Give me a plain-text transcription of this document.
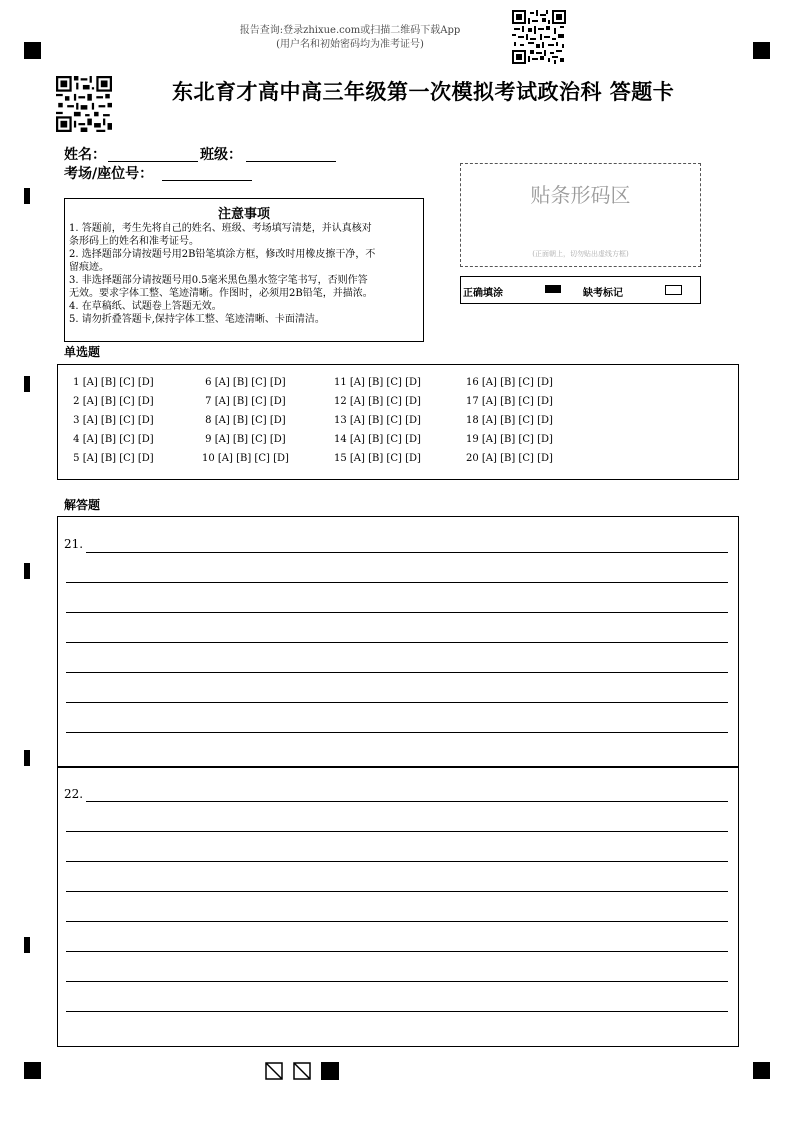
报告查询:登录zhixue.com或扫描二维码下载App
(用户名和初始密码均为准考证号)
东北育才高中高三年级第一次模拟考试政治科 答题卡
姓名：	班级：
考场/座位号：
注意事项
1. 答题前，考生先将自己的姓名、班级、考场填写清楚，并认真核对
条形码上的姓名和准考证号。
2. 选择题部分请按题号用2B铅笔填涂方框，修改时用橡皮擦干净，不
留痕迹。
3. 非选择题部分请按题号用0.5毫米黑色墨水签字笔书写，否则作答
无效。要求字体工整、笔迹清晰。作图时，必须用2B铅笔，并描浓。
4. 在草稿纸、试题卷上答题无效。
5. 请勿折叠答题卡,保持字体工整、笔迹清晰、卡面清洁。
贴条形码区
(正面朝上，切勿贴出虚线方框)
正确填涂	缺考标记
单选题
1 [A] [B] [C] [D]
2 [A] [B] [C] [D]
3 [A] [B] [C] [D]
4 [A] [B] [C] [D]
5 [A] [B] [C] [D]
6 [A] [B] [C] [D]
7 [A] [B] [C] [D]
8 [A] [B] [C] [D]
9 [A] [B] [C] [D]
10 [A] [B] [C] [D]
11 [A] [B] [C] [D]
12 [A] [B] [C] [D]
13 [A] [B] [C] [D]
14 [A] [B] [C] [D]
15 [A] [B] [C] [D]
16 [A] [B] [C] [D]
17 [A] [B] [C] [D]
18 [A] [B] [C] [D]
19 [A] [B] [C] [D]
20 [A] [B] [C] [D]
解答题
21.
22.
